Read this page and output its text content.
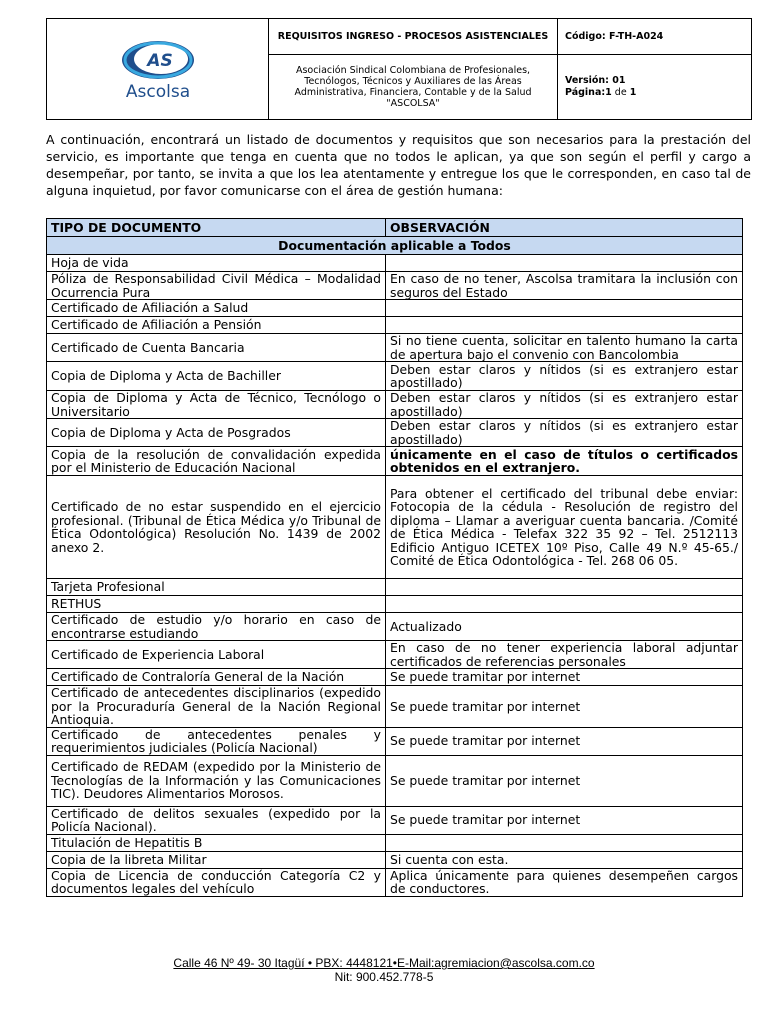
AS
Ascolsa	REQUISITOS INGRESO - PROCESOS ASISTENCIALES	Código: F-TH-A024
	Asociación Sindical Colombiana de Profesionales, Tecnólogos, Técnicos y Auxiliares de las Áreas Administrativa, Financiera, Contable y de la Salud "ASCOLSA"	Versión: 01
Página:1 de 1

A continuación, encontrará un listado de documentos y requisitos que son necesarios para la prestación del servicio, es importante que tenga en cuenta que no todos le aplican, ya que son según el perfil y cargo a desempeñar, por tanto, se invita a que los lea atentamente y entregue los que le corresponden, en caso tal de alguna inquietud, por favor comunicarse con el área de gestión humana:

TIPO DE DOCUMENTO	OBSERVACIÓN
Documentación aplicable a Todos	
Hoja de vida	
Póliza de Responsabilidad Civil Médica – Modalidad Ocurrencia Pura	En caso de no tener, Ascolsa tramitara la inclusión con seguros del Estado
Certificado de Afiliación a Salud	
Certificado de Afiliación a Pensión	
Certificado de Cuenta Bancaria	Si no tiene cuenta, solicitar en talento humano la carta de apertura bajo el convenio con Bancolombia
Copia de Diploma y Acta de Bachiller	Deben estar claros y nítidos (si es extranjero estar apostillado)
Copia de Diploma y Acta de Técnico, Tecnólogo o Universitario	Deben estar claros y nítidos (si es extranjero estar apostillado)
Copia de Diploma y Acta de Posgrados	Deben estar claros y nítidos (si es extranjero estar apostillado)
Copia de la resolución de convalidación expedida por el Ministerio de Educación Nacional	únicamente en el caso de títulos o certificados obtenidos en el extranjero.
Certificado de no estar suspendido en el ejercicio profesional. (Tribunal de Ética Médica y/o Tribunal de Ética Odontológica) Resolución No. 1439 de 2002 anexo 2.	Para obtener el certificado del tribunal debe enviar: Fotocopia de la cédula - Resolución de registro del diploma – Llamar a averiguar cuenta bancaria. /Comité de Ética Médica - Telefax 322 35 92 – Tel. 2512113 Edificio Antiguo ICETEX 10º Piso, Calle 49 N.º 45-65./ Comité de Ética Odontológica - Tel. 268 06 05.
Tarjeta Profesional	
RETHUS	
Certificado de estudio y/o horario en caso de encontrarse estudiando	Actualizado
Certificado de Experiencia Laboral	En caso de no tener experiencia laboral adjuntar certificados de referencias personales
Certificado de Contraloría General de la Nación	Se puede tramitar por internet
Certificado de antecedentes disciplinarios (expedido por la Procuraduría General de la Nación Regional Antioquia.	Se puede tramitar por internet
Certificado de antecedentes penales y requerimientos judiciales (Policía Nacional)	Se puede tramitar por internet
Certificado de REDAM (expedido por la Ministerio de Tecnologías de la Información y las Comunicaciones TIC). Deudores Alimentarios Morosos.	Se puede tramitar por internet
Certificado de delitos sexuales (expedido por la Policía Nacional).	Se puede tramitar por internet
Titulación de Hepatitis B	
Copia de la libreta Militar	Si cuenta con esta.
Copia de Licencia de conducción Categoría C2 y documentos legales del vehículo	Aplica únicamente para quienes desempeñen cargos de conductores.
Calle 46 Nº 49- 30 Itagüí • PBX: 4448121•E-Mail:agremiacion@ascolsa.com.co
Nit: 900.452.778-5
